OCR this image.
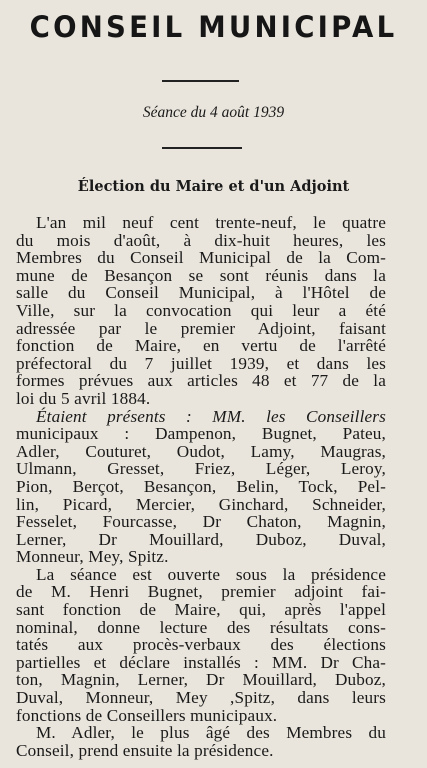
CONSEIL MUNICIPAL
Séance du 4 août 1939
Élection du Maire et d'un Adjoint
L'an mil neuf cent trente-neuf, le quatre
du mois d'août, à dix-huit heures, les
Membres du Conseil Municipal de la Com-
mune de Besançon se sont réunis dans la
salle du Conseil Municipal, à l'Hôtel de
Ville, sur la convocation qui leur a été
adressée par le premier Adjoint, faisant
fonction de Maire, en vertu de l'arrêté
préfectoral du 7 juillet 1939, et dans les
formes prévues aux articles 48 et 77 de la
loi du 5 avril 1884.
Étaient présents : MM. les Conseillers
municipaux : Dampenon, Bugnet, Pateu,
Adler, Couturet, Oudot, Lamy, Maugras,
Ulmann, Gresset, Friez, Léger, Leroy,
Pion, Berçot, Besançon, Belin, Tock, Pel-
lin, Picard, Mercier, Ginchard, Schneider,
Fesselet, Fourcasse, Dr Chaton, Magnin,
Lerner, Dr Mouillard, Duboz, Duval,
Monneur, Mey, Spitz.
La séance est ouverte sous la présidence
de M. Henri Bugnet, premier adjoint fai-
sant fonction de Maire, qui, après l'appel
nominal, donne lecture des résultats cons-
tatés aux procès-verbaux des élections
partielles et déclare installés : MM. Dr Cha-
ton, Magnin, Lerner, Dr Mouillard, Duboz,
Duval, Monneur, Mey ,Spitz, dans leurs
fonctions de Conseillers municipaux.
M. Adler, le plus âgé des Membres du
Conseil, prend ensuite la présidence.
